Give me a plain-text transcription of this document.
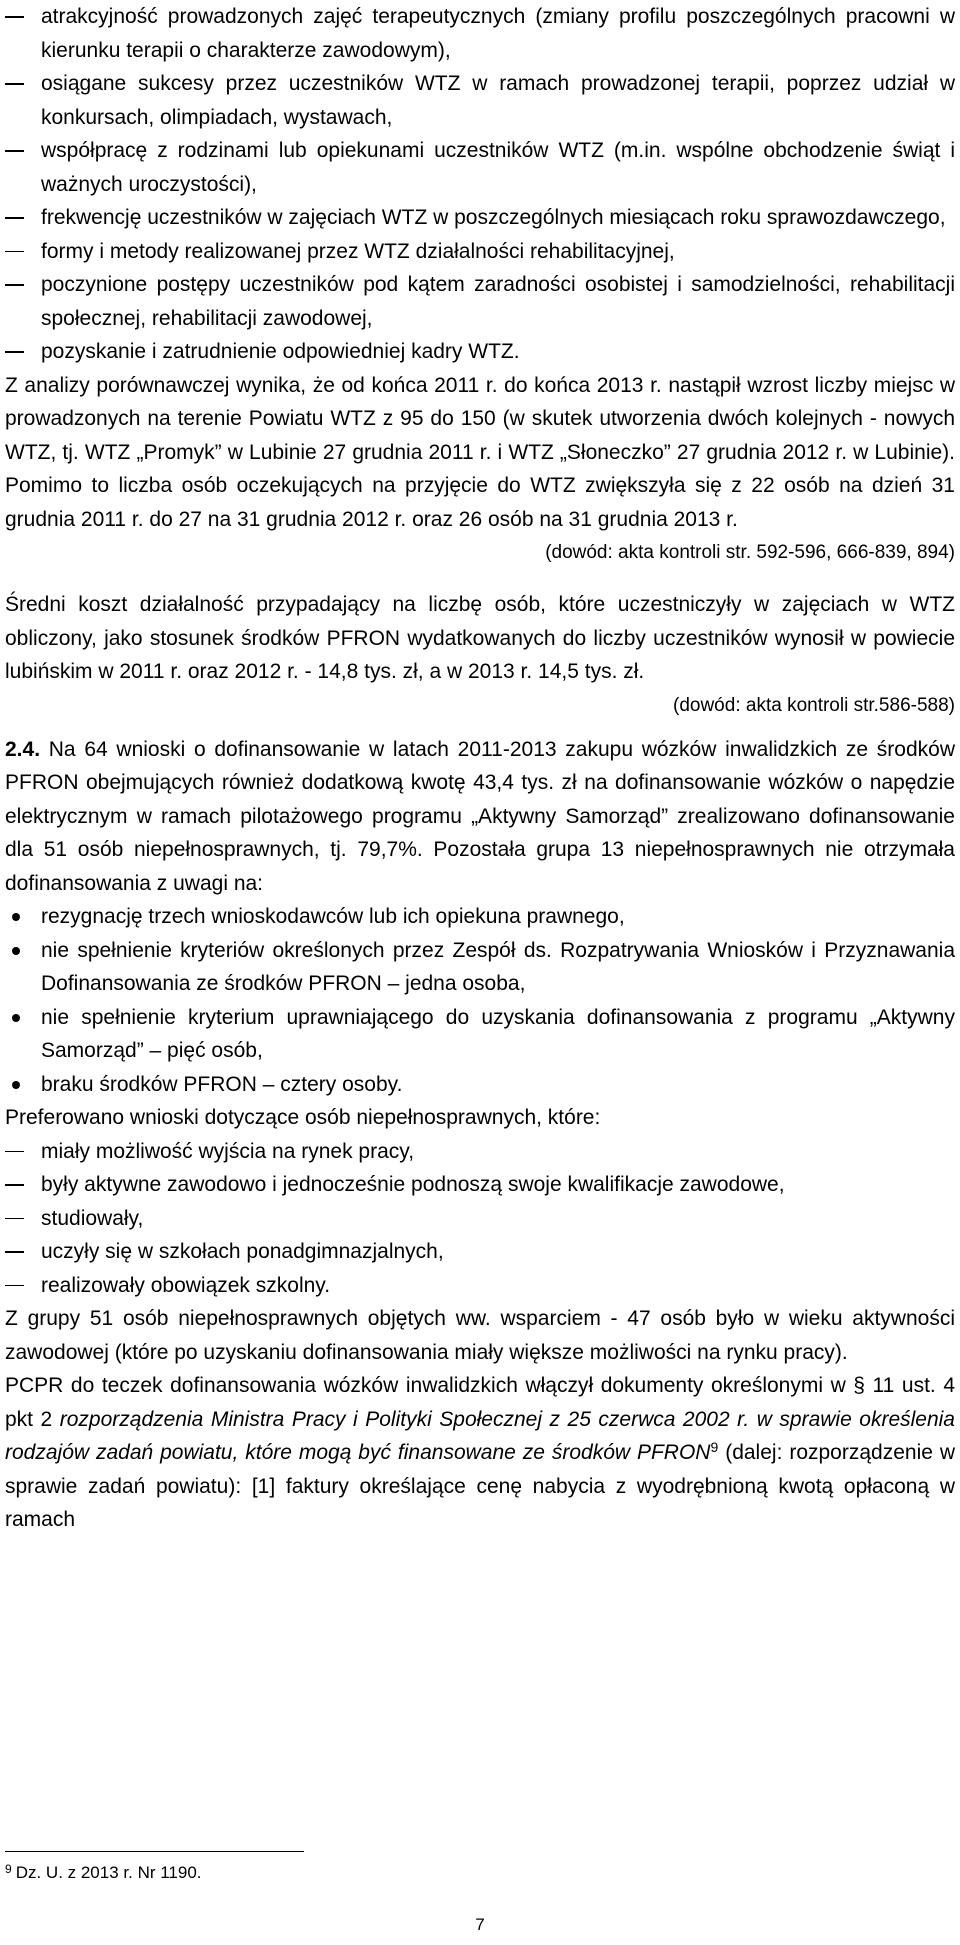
atrakcyjność prowadzonych zajęć terapeutycznych (zmiany profilu poszczególnych pracowni w kierunku terapii o charakterze zawodowym),
osiągane sukcesy przez uczestników WTZ w ramach prowadzonej terapii, poprzez udział w konkursach, olimpiadach, wystawach,
współpracę z rodzinami lub opiekunami uczestników WTZ (m.in. wspólne obchodzenie świąt i ważnych uroczystości),
frekwencję uczestników w zajęciach WTZ w poszczególnych miesiącach roku sprawozdawczego,
formy i metody realizowanej przez WTZ działalności rehabilitacyjnej,
poczynione postępy uczestników pod kątem zaradności osobistej i samodzielności, rehabilitacji społecznej, rehabilitacji zawodowej,
pozyskanie i zatrudnienie odpowiedniej kadry WTZ.

Z analizy porównawczej wynika, że od końca 2011 r. do końca 2013 r. nastąpił wzrost liczby miejsc w prowadzonych na terenie Powiatu WTZ z 95 do 150 (w skutek utworzenia dwóch kolejnych - nowych WTZ, tj. WTZ „Promyk” w Lubinie 27 grudnia 2011 r. i WTZ „Słoneczko” 27 grudnia 2012 r. w Lubinie). Pomimo to liczba osób oczekujących na przyjęcie do WTZ zwiększyła się z 22 osób na dzień 31 grudnia 2011 r. do 27 na 31 grudnia 2012 r. oraz 26 osób na 31 grudnia 2013 r.

(dowód: akta kontroli str. 592-596, 666-839, 894)

Średni koszt działalność przypadający na liczbę osób, które uczestniczyły w zajęciach w WTZ obliczony, jako stosunek środków PFRON wydatkowanych do liczby uczestników wynosił w powiecie lubińskim w 2011 r. oraz 2012 r. - 14,8 tys. zł, a w 2013 r. 14,5 tys. zł.

(dowód: akta kontroli str.586-588)

2.4. Na 64 wnioski o dofinansowanie w latach 2011-2013 zakupu wózków inwalidzkich ze środków PFRON obejmujących również dodatkową kwotę 43,4 tys. zł na dofinansowanie wózków o napędzie elektrycznym w ramach pilotażowego programu „Aktywny Samorząd” zrealizowano dofinansowanie dla 51 osób niepełnosprawnych, tj. 79,7%. Pozostała grupa 13 niepełnosprawnych nie otrzymała dofinansowania z uwagi na:

rezygnację trzech wnioskodawców lub ich opiekuna prawnego,
nie spełnienie kryteriów określonych przez Zespół ds. Rozpatrywania Wniosków i Przyznawania Dofinansowania ze środków PFRON – jedna osoba,
nie spełnienie kryterium uprawniającego do uzyskania dofinansowania z programu „Aktywny Samorząd” – pięć osób,
braku środków PFRON – cztery osoby.

Preferowano wnioski dotyczące osób niepełnosprawnych, które:

miały możliwość wyjścia na rynek pracy,
były aktywne zawodowo i jednocześnie podnoszą swoje kwalifikacje zawodowe,
studiowały,
uczyły się w szkołach ponadgimnazjalnych,
realizowały obowiązek szkolny.

Z grupy 51 osób niepełnosprawnych objętych ww. wsparciem - 47 osób było w wieku aktywności zawodowej (które po uzyskaniu dofinansowania miały większe możliwości na rynku pracy).

PCPR do teczek dofinansowania wózków inwalidzkich włączył dokumenty określonymi w § 11 ust. 4 pkt 2 rozporządzenia Ministra Pracy i Polityki Społecznej z 25 czerwca 2002 r. w sprawie określenia rodzajów zadań powiatu, które mogą być finansowane ze środków PFRON$^9$ (dalej: rozporządzenie w sprawie zadań powiatu): [1] faktury określające cenę nabycia z wyodrębnioną kwotą opłaconą w ramach

$^9$ Dz. U. z 2013 r. Nr 1190.
7
